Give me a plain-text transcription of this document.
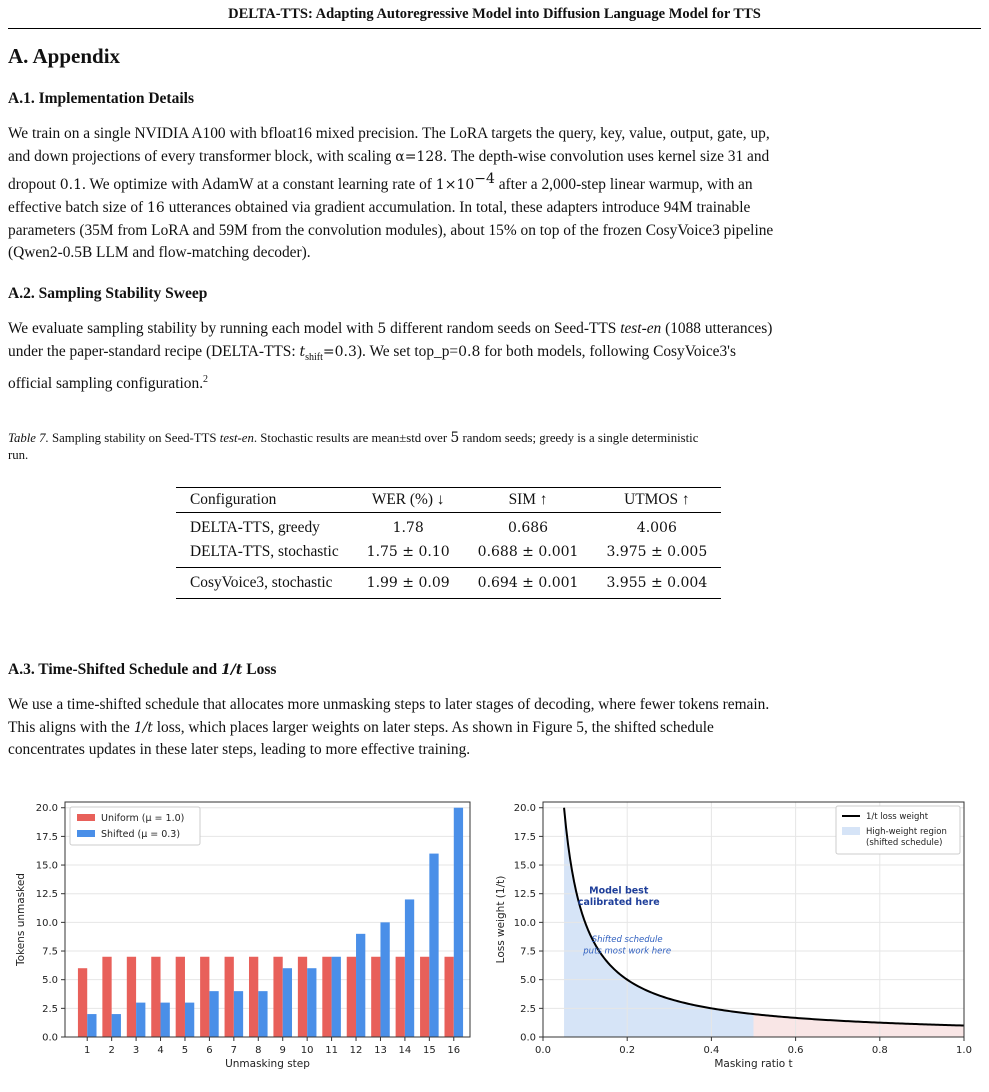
DELTA-TTS: Adapting Autoregressive Model into Diffusion Language Model for TTS
A. Appendix
A.1. Implementation Details
We train on a single NVIDIA A100 with bfloat16 mixed precision. The LoRA targets the query, key, value, output, gate, up,
and down projections of every transformer block, with scaling α=128. The depth-wise convolution uses kernel size 31 and
dropout 0.1. We optimize with AdamW at a constant learning rate of $1\times 10^{-4}$ after a 2,000-step linear warmup, with an
effective batch size of 16 utterances obtained via gradient accumulation. In total, these adapters introduce 94M trainable
parameters (35M from LoRA and 59M from the convolution modules), about 15% on top of the frozen CosyVoice3 pipeline
(Qwen2-0.5B LLM and flow-matching decoder).
A.2. Sampling Stability Sweep
We evaluate sampling stability by running each model with 5 different random seeds on Seed-TTS test-en (1088 utterances)
under the paper-standard recipe (DELTA-TTS: $t_{shift}=0.3$). We set top_p=0.8 for both models, following CosyVoice3's
official sampling configuration.$^2$
Table 7. Sampling stability on Seed-TTS test-en. Stochastic results are mean±std over 5 random seeds; greedy is a single deterministic
run.
Configuration	WER (%) ↓	SIM ↑	UTMOS ↑
DELTA-TTS, greedy	1.78	0.686	4.006
DELTA-TTS, stochastic	1.75 ± 0.10	0.688 ± 0.001	3.975 ± 0.005
CosyVoice3, stochastic	1.99 ± 0.09	0.694 ± 0.001	3.955 ± 0.004
A.3. Time-Shifted Schedule and 1/t Loss
We use a time-shifted schedule that allocates more unmasking steps to later stages of decoding, where fewer tokens remain.
This aligns with the 1/t loss, which places larger weights on later steps. As shown in Figure 5, the shifted schedule
concentrates updates in these later steps, leading to more effective training.
0.0
2.5
5.0
7.5
10.0
12.5
15.0
17.5
20.0
1 2 3 4 5 6 7 8 9 10 11 12 13 14 15 16
Unmasking step
Tokens unmasked
Uniform (μ = 1.0)
Shifted (μ = 0.3)
0.0
2.5
5.0
7.5
10.0
12.5
15.0
17.5
20.0
0.0	0.2	0.4	0.6	0.8	1.0
Masking ratio t
Loss weight (1/t)	Model best
calibrated here
Shifted schedule
puts most work here
1/t loss weight
High-weight region
(shifted schedule)
